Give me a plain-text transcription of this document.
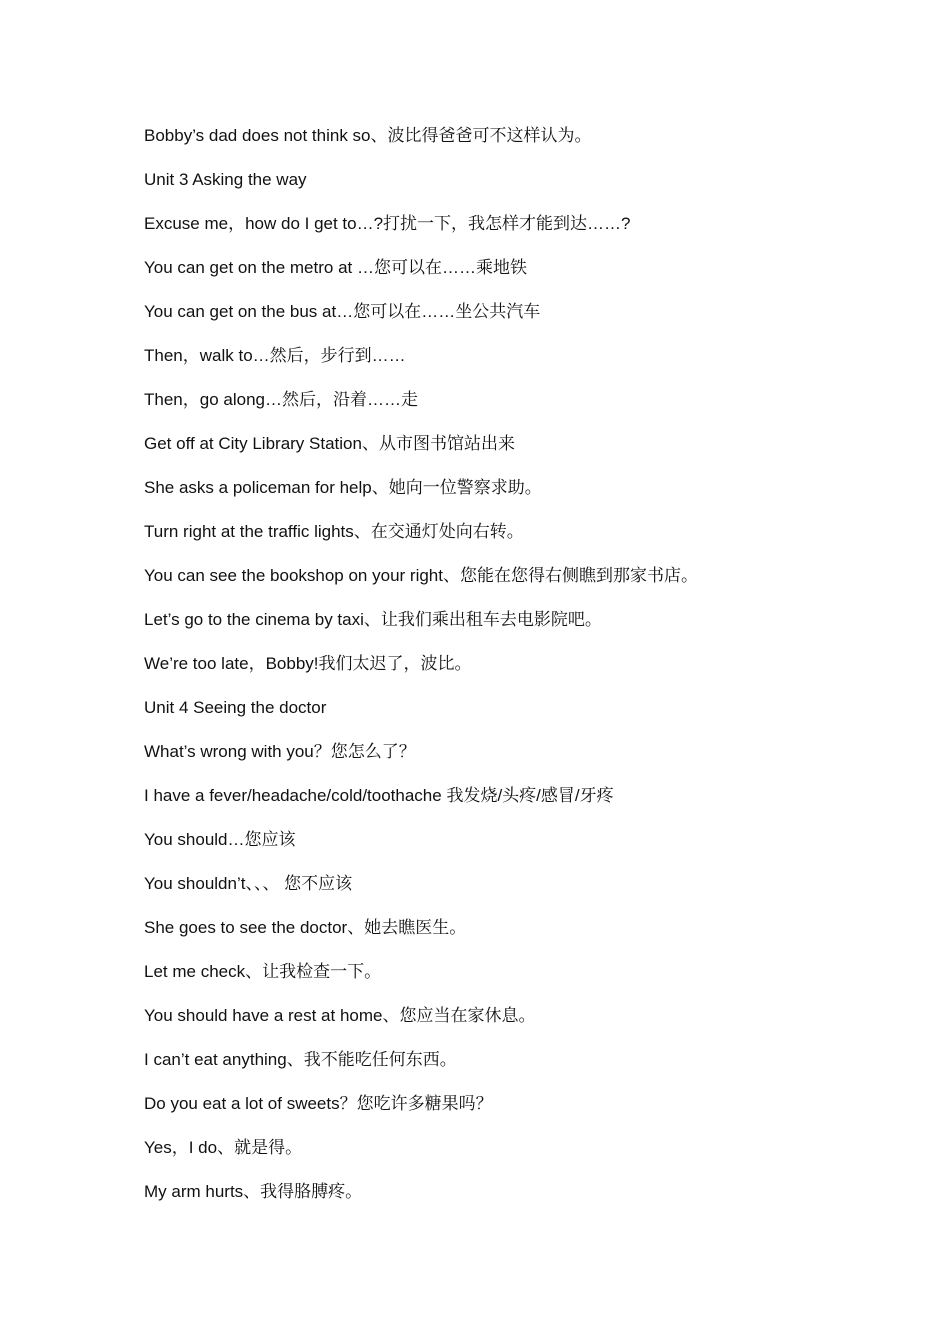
Bobby’s dad does not think so、波比得爸爸可不这样认为。
Unit 3 Asking the way
Excuse me，how do I get to…?打扰一下，我怎样才能到达……?
You can get on the metro at …您可以在……乘地铁
You can get on the bus at…您可以在……坐公共汽车
Then，walk to…然后，步行到……
Then，go along…然后，沿着……走
Get off at City Library Station、从市图书馆站出来
She asks a policeman for help、她向一位警察求助。
Turn right at the traffic lights、在交通灯处向右转。
You can see the bookshop on your right、您能在您得右侧瞧到那家书店。
Let’s go to the cinema by taxi、让我们乘出租车去电影院吧。
We’re too late，Bobby!我们太迟了，波比。
Unit 4 Seeing the doctor
What’s wrong with you？您怎么了？
I have a fever/headache/cold/toothache 我发烧/头疼/感冒/牙疼
You should…您应该
You shouldn’t、、、 您不应该
She goes to see the doctor、她去瞧医生。
Let me check、让我检查一下。
You should have a rest at home、您应当在家休息。
I can’t eat anything、我不能吃任何东西。
Do you eat a lot of sweets？您吃许多糖果吗？
Yes，I do、就是得。
My arm hurts、我得胳膊疼。
